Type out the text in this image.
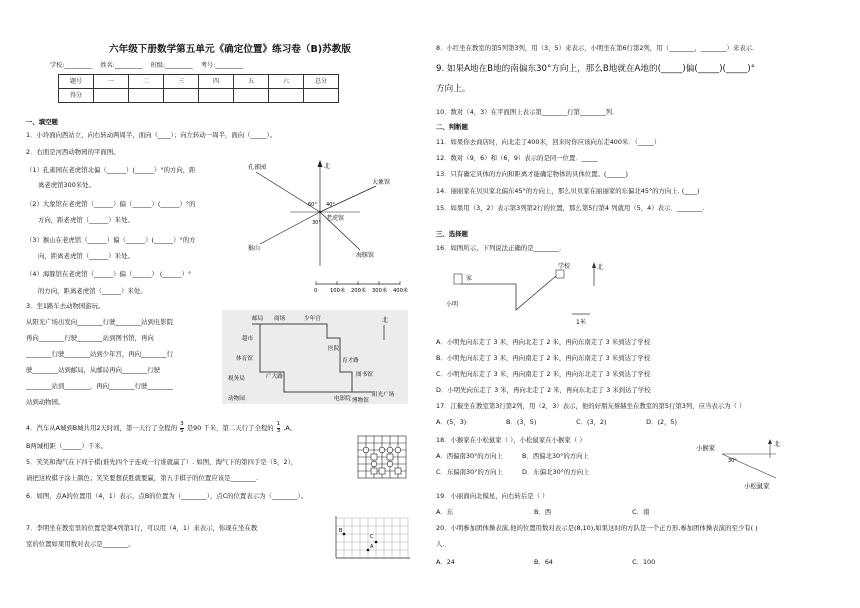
六年级下册数学第五单元《确定位置》练习卷（B)苏教版
学校:_________ 姓名:_________ 班级:_________ 考号:_________
题号	一	二	三	四	五	六	总分
得分							
一、填空题
1．小玲面向西站立，向右转动两周半，面向（____）；向左转动一周半，面向（_____）。
2．右面是河西动物园的平面图。
（1）孔雀园在老虎馆北偏（______）(______）°的方向，距
离老虎馆300米处。
（2）大象馆在老虎馆（______）偏（______）(______）°的
方向，距老虎馆（______）米处。
（3）猴山在老虎馆（______）偏（______）(______）°的方
向，距离老虎馆（______）米处。
（4）海豚馆在老虎馆（______）偏（______） (______）°
的方向，距离老虎馆（______）米处。
北
孔雀园
大象馆
老虎馆
猴山
海豚馆
60° 40°
30°
0 100米 200米 300米 400米
3．坐1路车去动物园游玩。
从阳光广场出发向________行驶________站到电影院
再向________行驶________站到图书馆，再向
________行驶________站到少年宫，再向________行
驶________站到邮局，从邮局再向________行驶
________站到________，再向________行驶________
站到动物园。
北
邮局 商场	少年宫
超市
医院
体育馆	育才路
广大路	图书馆
税务局
动物园	电影院 博物馆
阳光广场
4．汽车从A城到B城共用2天时间，第一天行了全程的 $\frac{3}{5}$ 是90 千米，第二天行了全程的 $\frac{1}{3} ,A$、
B两城相距（______）千米。
5．笑笑和淘气在下四子棋(谁先四个子连成一行谁就赢了）. 如图，淘气下的第四手是（5，2），
请把这枚棋子涂上颜色；笑笑要想获胜就要赢，第五手棋子的位置应该是________.
6．如图，点A的位置用（4，1）表示，点B的位置为（________），点C的位置表示为（________）。
7．李明坐在教室里的位置是第4列第1行，可以用（4，1）来表示，你现在坐在教
室的位置如果用数对表示是________。
B
A
C
8．小红坐在教室的第5列第3列，用（3，5）来表示，小明坐在第6行第2列，用（________，________）来表示.
9. 如果A地在B地的南偏东30°方向上，那么B地就在A地的(_____)偏(_____)(_____)°
方向上。
10．数对（4，3）在平面图上表示第________行第________列.
二、判断题
11．如果你去商店时，向北走了400米，回来时你应该向东走400米．（_____）
12．数对（9，6）和（6，9）表示的是同一位置．_____
13．只有确定具体的方向和距离才能确定物体的具体位置。(______)
14．丽丽家在贝贝家北偏东45°的方向上，那么贝贝家在丽丽家的东偏北45°的方向上. (____)
15．如果用（3，2）表示第3列第2行的位置，那么第5行第4 列就用（5，4）表示．________.
三、选择题
16．如图所示，下列说法正确的是________.
家
小明
学校	北
1米
A．小明先向东走了 3 米，再向北走了 2 米，再向东南走了 3 米到达了学校
B．小明先向东走了 3 米，再向南走了 2 米，再向东南走了 3 米到达了学校
C．小明先向东走了 3 米，再向南走了 2 米，再向东北走了 3 米到达了学校
D．小明先向东走了 3 米，再向北走了 2 米，再向东北走了 3 米到达了学校
17．江椒坐在教室第3行第2列，用（2，3）表示，他的好朋友蔡赫坐在教室的第5行第3列，应当表示为（ ）
A．(5，3)	B．(3，5)	C．(3，2)	D．(2，5)
18．小猴家在小松鼠家（ ），小松鼠家在小猴家（ ）
A．西偏南30°的方向上	B．西偏北30°的方向上
C．东偏南30°的方向上	D．东偏北30°的方向上
小猴家
30°
小松鼠家
北
19．小丽面向北模星，向右转后是（ ）
A．东	B．西	C．南
20．小明参加团体操表演,他的位置用数对表示是(8,10),如果这时的方队是一个正方形,参加团体操表演的至少有( )
人.
A．24	B．64	C．100
